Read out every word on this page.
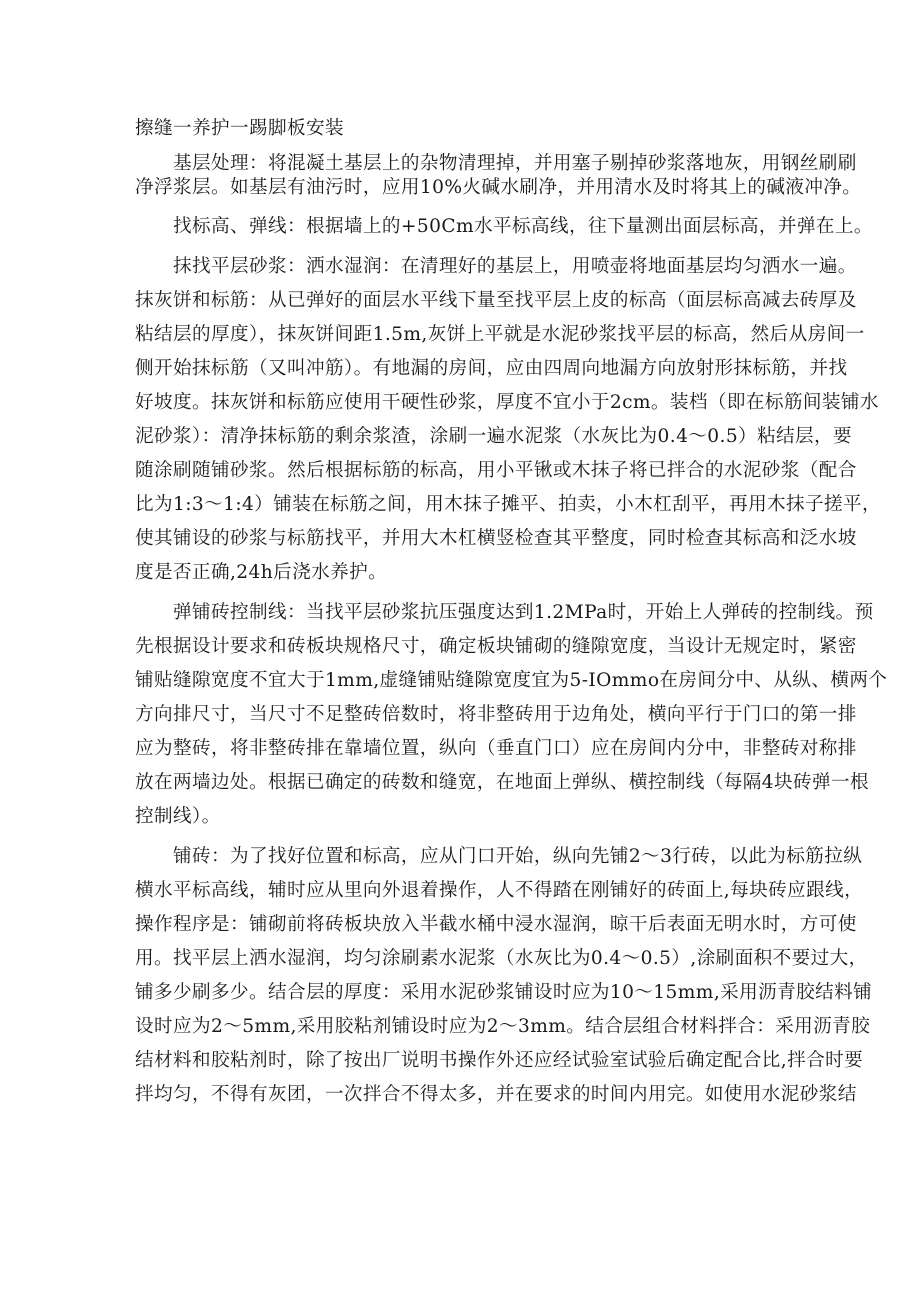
擦缝一养护一踢脚板安装
基层处理：将混凝土基层上的杂物清理掉，并用塞子剔掉砂浆落地灰，用钢丝刷刷
净浮浆层。如基层有油污时，应用10%火碱水刷净，并用清水及时将其上的碱液冲净。
找标高、弹线：根据墙上的+50Cm水平标高线，往下量测出面层标高，并弹在上。
抹找平层砂浆：洒水湿润：在清理好的基层上，用喷壶将地面基层均匀洒水一遍。
抹灰饼和标筋：从已弹好的面层水平线下量至找平层上皮的标高（面层标高减去砖厚及
粘结层的厚度），抹灰饼间距1.5m,灰饼上平就是水泥砂浆找平层的标高，然后从房间一
侧开始抹标筋（又叫冲筋）。有地漏的房间，应由四周向地漏方向放射形抹标筋，并找
好坡度。抹灰饼和标筋应使用干硬性砂浆，厚度不宜小于2cm。装档（即在标筋间装铺水
泥砂浆）：清净抹标筋的剩余浆渣，涂刷一遍水泥浆（水灰比为0.4～0.5）粘结层，要
随涂刷随铺砂浆。然后根据标筋的标高，用小平锹或木抹子将已拌合的水泥砂浆（配合
比为1:3～1:4）铺装在标筋之间，用木抹子摊平、拍卖，小木杠刮平，再用木抹子搓平，
使其铺设的砂浆与标筋找平，并用大木杠横竖检查其平整度，同时检查其标高和泛水坡
度是否正确,24h后浇水养护。
弹铺砖控制线：当找平层砂浆抗压强度达到1.2MPa时，开始上人弹砖的控制线。预
先根据设计要求和砖板块规格尺寸，确定板块铺砌的缝隙宽度，当设计无规定时，紧密
铺贴缝隙宽度不宜大于1mm,虚缝铺贴缝隙宽度宜为5-IOmmo在房间分中、从纵、横两个
方向排尺寸，当尺寸不足整砖倍数时，将非整砖用于边角处，横向平行于门口的第一排
应为整砖，将非整砖排在靠墙位置，纵向（垂直门口）应在房间内分中，非整砖对称排
放在两墙边处。根据已确定的砖数和缝宽，在地面上弹纵、横控制线（每隔4块砖弹一根
控制线）。
铺砖：为了找好位置和标高，应从门口开始，纵向先铺2～3行砖，以此为标筋拉纵
横水平标高线，辅时应从里向外退着操作，人不得踏在刚铺好的砖面上,每块砖应跟线，
操作程序是：铺砌前将砖板块放入半截水桶中浸水湿润，晾干后表面无明水时，方可使
用。找平层上洒水湿润，均匀涂刷素水泥浆（水灰比为0.4～0.5）,涂刷面积不要过大，
铺多少刷多少。结合层的厚度：采用水泥砂浆铺设时应为10～15mm,采用沥青胶结料铺
设时应为2～5mm,采用胶粘剂铺设时应为2～3mm。结合层组合材料拌合：采用沥青胶
结材料和胶粘剂时，除了按出厂说明书操作外还应经试验室试验后确定配合比,拌合时要
拌均匀，不得有灰团，一次拌合不得太多，并在要求的时间内用完。如使用水泥砂浆结
